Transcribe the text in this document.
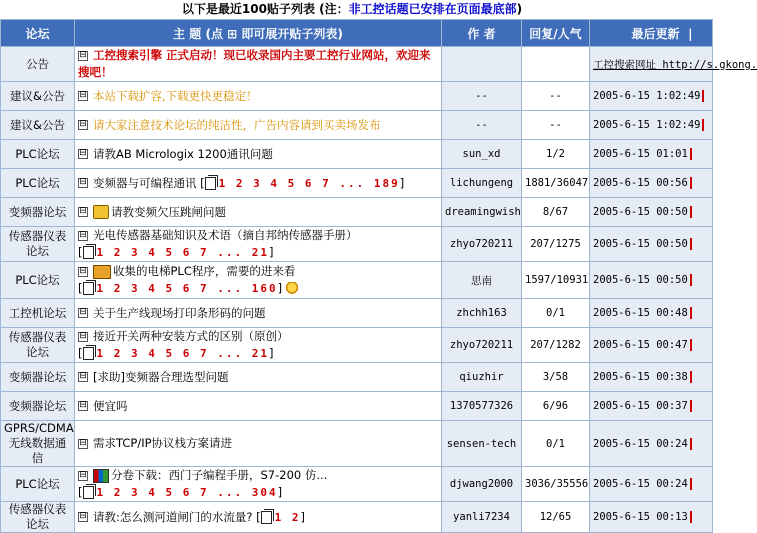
以下是最近100贴子列表 (注：非工控话题已安排在页面最底部)
论坛	主 题 (点 ⊞ 即可展开贴子列表)	作 者	回复/人气	最后更新 |
公告	⊟ 工控搜索引擎 正式启动！现已收录国内主要工控行业网站，欢迎来搜吧！			工控搜索网址 http://s.gkong.
建议&公告	⊟ 本站下载扩容,下载更快更稳定！	--	--	2005-6-15 1:02:49
建议&公告	⊟ 请大家注意技术论坛的纯洁性，广告内容请到买卖场发布	--	--	2005-6-15 1:02:49
PLC论坛	⊟ 请教AB Micrologix 1200通讯问题	sun_xd	1/2	2005-6-15 01:01
PLC论坛	⊟ 变频器与可编程通讯 [ 1 2 3 4 5 6 7 ... 189]	lichungeng	1881/36047	2005-6-15 00:56
变频器论坛	⊟ 请教变频欠压跳闸问题	dreamingwish	8/67	2005-6-15 00:50
传感器仪表论坛	⊟ 光电传感器基础知识及术语（摘自邦纳传感器手册） [ 1 2 3 4 5 6 7 ... 21]	zhyo720211	207/1275	2005-6-15 00:50
PLC论坛	⊟ 收集的电梯PLC程序，需要的进来看 [ 1 2 3 4 5 6 7 ... 160]	思南	1597/10931	2005-6-15 00:50
工控机论坛	⊟ 关于生产线现场打印条形码的问题	zhchh163	0/1	2005-6-15 00:48
传感器仪表论坛	⊟ 接近开关两种安装方式的区别（原创） [ 1 2 3 4 5 6 7 ... 21]	zhyo720211	207/1282	2005-6-15 00:47
变频器论坛	⊟ [求助]变频器合理选型问题	qiuzhir	3/58	2005-6-15 00:38
变频器论坛	⊟ 便宜吗	1370577326	6/96	2005-6-15 00:37
GPRS/CDMA无线数据通信	⊟ 需求TCP/IP协议栈方案请进	sensen-tech	0/1	2005-6-15 00:24
PLC论坛	⊟ 分卷下载：西门子编程手册，S7-200 仿... [ 1 2 3 4 5 6 7 ... 304]	djwang2000	3036/35556	2005-6-15 00:24
传感器仪表论坛	⊟ 请教:怎么测河道闸门的水流量? [ 1 2]	yanli7234	12/65	2005-6-15 00:13
